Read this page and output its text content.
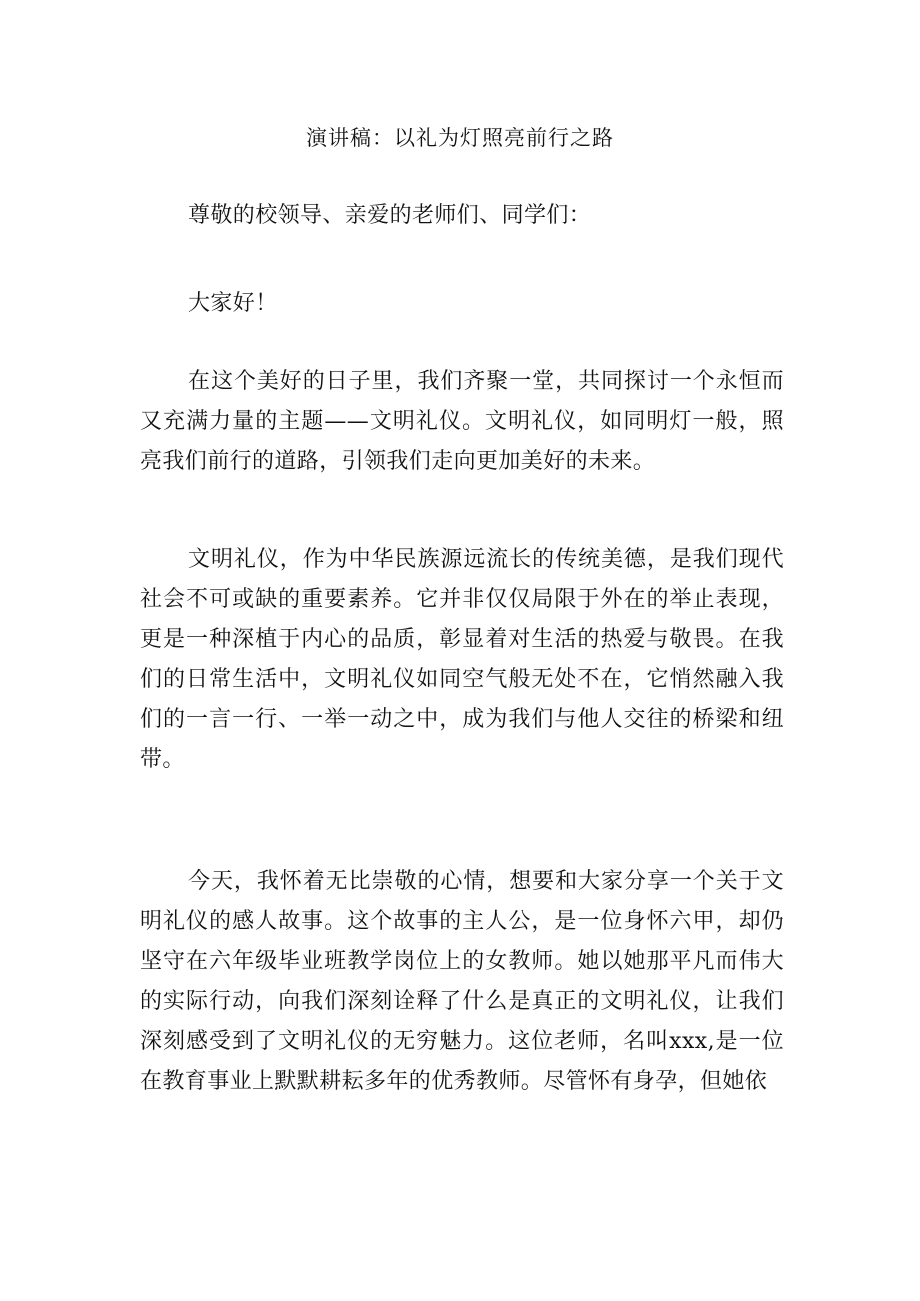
演讲稿：以礼为灯照亮前行之路

尊敬的校领导、亲爱的老师们、同学们：

大家好！

在这个美好的日子里，我们齐聚一堂，共同探讨一个永恒而又充满力量的主题——文明礼仪。文明礼仪，如同明灯一般，照亮我们前行的道路，引领我们走向更加美好的未来。

文明礼仪，作为中华民族源远流长的传统美德，是我们现代社会不可或缺的重要素养。它并非仅仅局限于外在的举止表现，更是一种深植于内心的品质，彰显着对生活的热爱与敬畏。在我们的日常生活中，文明礼仪如同空气般无处不在，它悄然融入我们的一言一行、一举一动之中，成为我们与他人交往的桥梁和纽带。

今天，我怀着无比崇敬的心情，想要和大家分享一个关于文明礼仪的感人故事。这个故事的主人公，是一位身怀六甲，却仍坚守在六年级毕业班教学岗位上的女教师。她以她那平凡而伟大的实际行动，向我们深刻诠释了什么是真正的文明礼仪，让我们深刻感受到了文明礼仪的无穷魅力。这位老师，名叫xxx,是一位在教育事业上默默耕耘多年的优秀教师。尽管怀有身孕，但她依
